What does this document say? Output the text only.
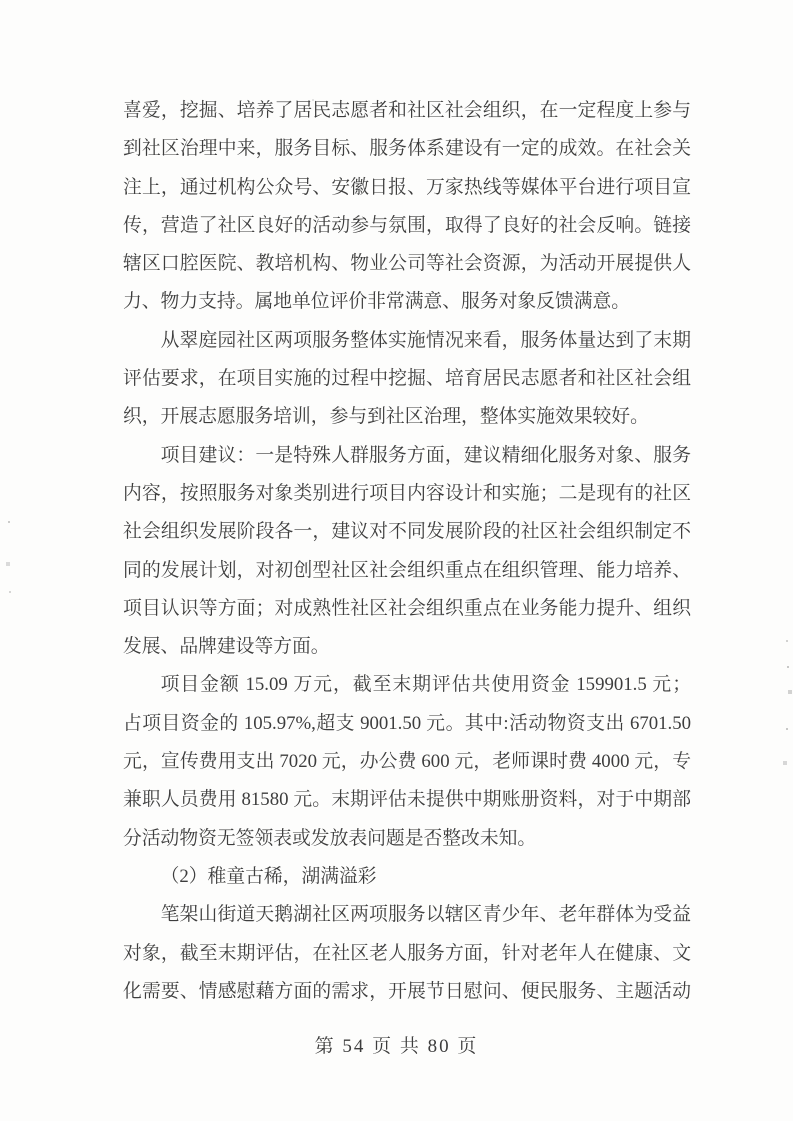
喜爱，挖掘、培养了居民志愿者和社区社会组织，在一定程度上参与
到社区治理中来，服务目标、服务体系建设有一定的成效。在社会关
注上，通过机构公众号、安徽日报、万家热线等媒体平台进行项目宣
传，营造了社区良好的活动参与氛围，取得了良好的社会反响。链接
辖区口腔医院、教培机构、物业公司等社会资源，为活动开展提供人
力、物力支持。属地单位评价非常满意、服务对象反馈满意。
从翠庭园社区两项服务整体实施情况来看，服务体量达到了末期
评估要求，在项目实施的过程中挖掘、培育居民志愿者和社区社会组
织，开展志愿服务培训，参与到社区治理，整体实施效果较好。
项目建议：一是特殊人群服务方面，建议精细化服务对象、服务
内容，按照服务对象类别进行项目内容设计和实施；二是现有的社区
社会组织发展阶段各一，建议对不同发展阶段的社区社会组织制定不
同的发展计划，对初创型社区社会组织重点在组织管理、能力培养、
项目认识等方面；对成熟性社区社会组织重点在业务能力提升、组织
发展、品牌建设等方面。
项目金额 15.09 万元，截至末期评估共使用资金 159901.5 元；
占项目资金的 105.97%,超支 9001.50 元。其中:活动物资支出 6701.50
元，宣传费用支出 7020 元，办公费 600 元，老师课时费 4000 元，专
兼职人员费用 81580 元。末期评估未提供中期账册资料，对于中期部
分活动物资无签领表或发放表问题是否整改未知。
（2）稚童古稀，湖满溢彩
笔架山街道天鹅湖社区两项服务以辖区青少年、老年群体为受益
对象，截至末期评估，在社区老人服务方面，针对老年人在健康、文
化需要、情感慰藉方面的需求，开展节日慰问、便民服务、主题活动
第 54 页 共 80 页
